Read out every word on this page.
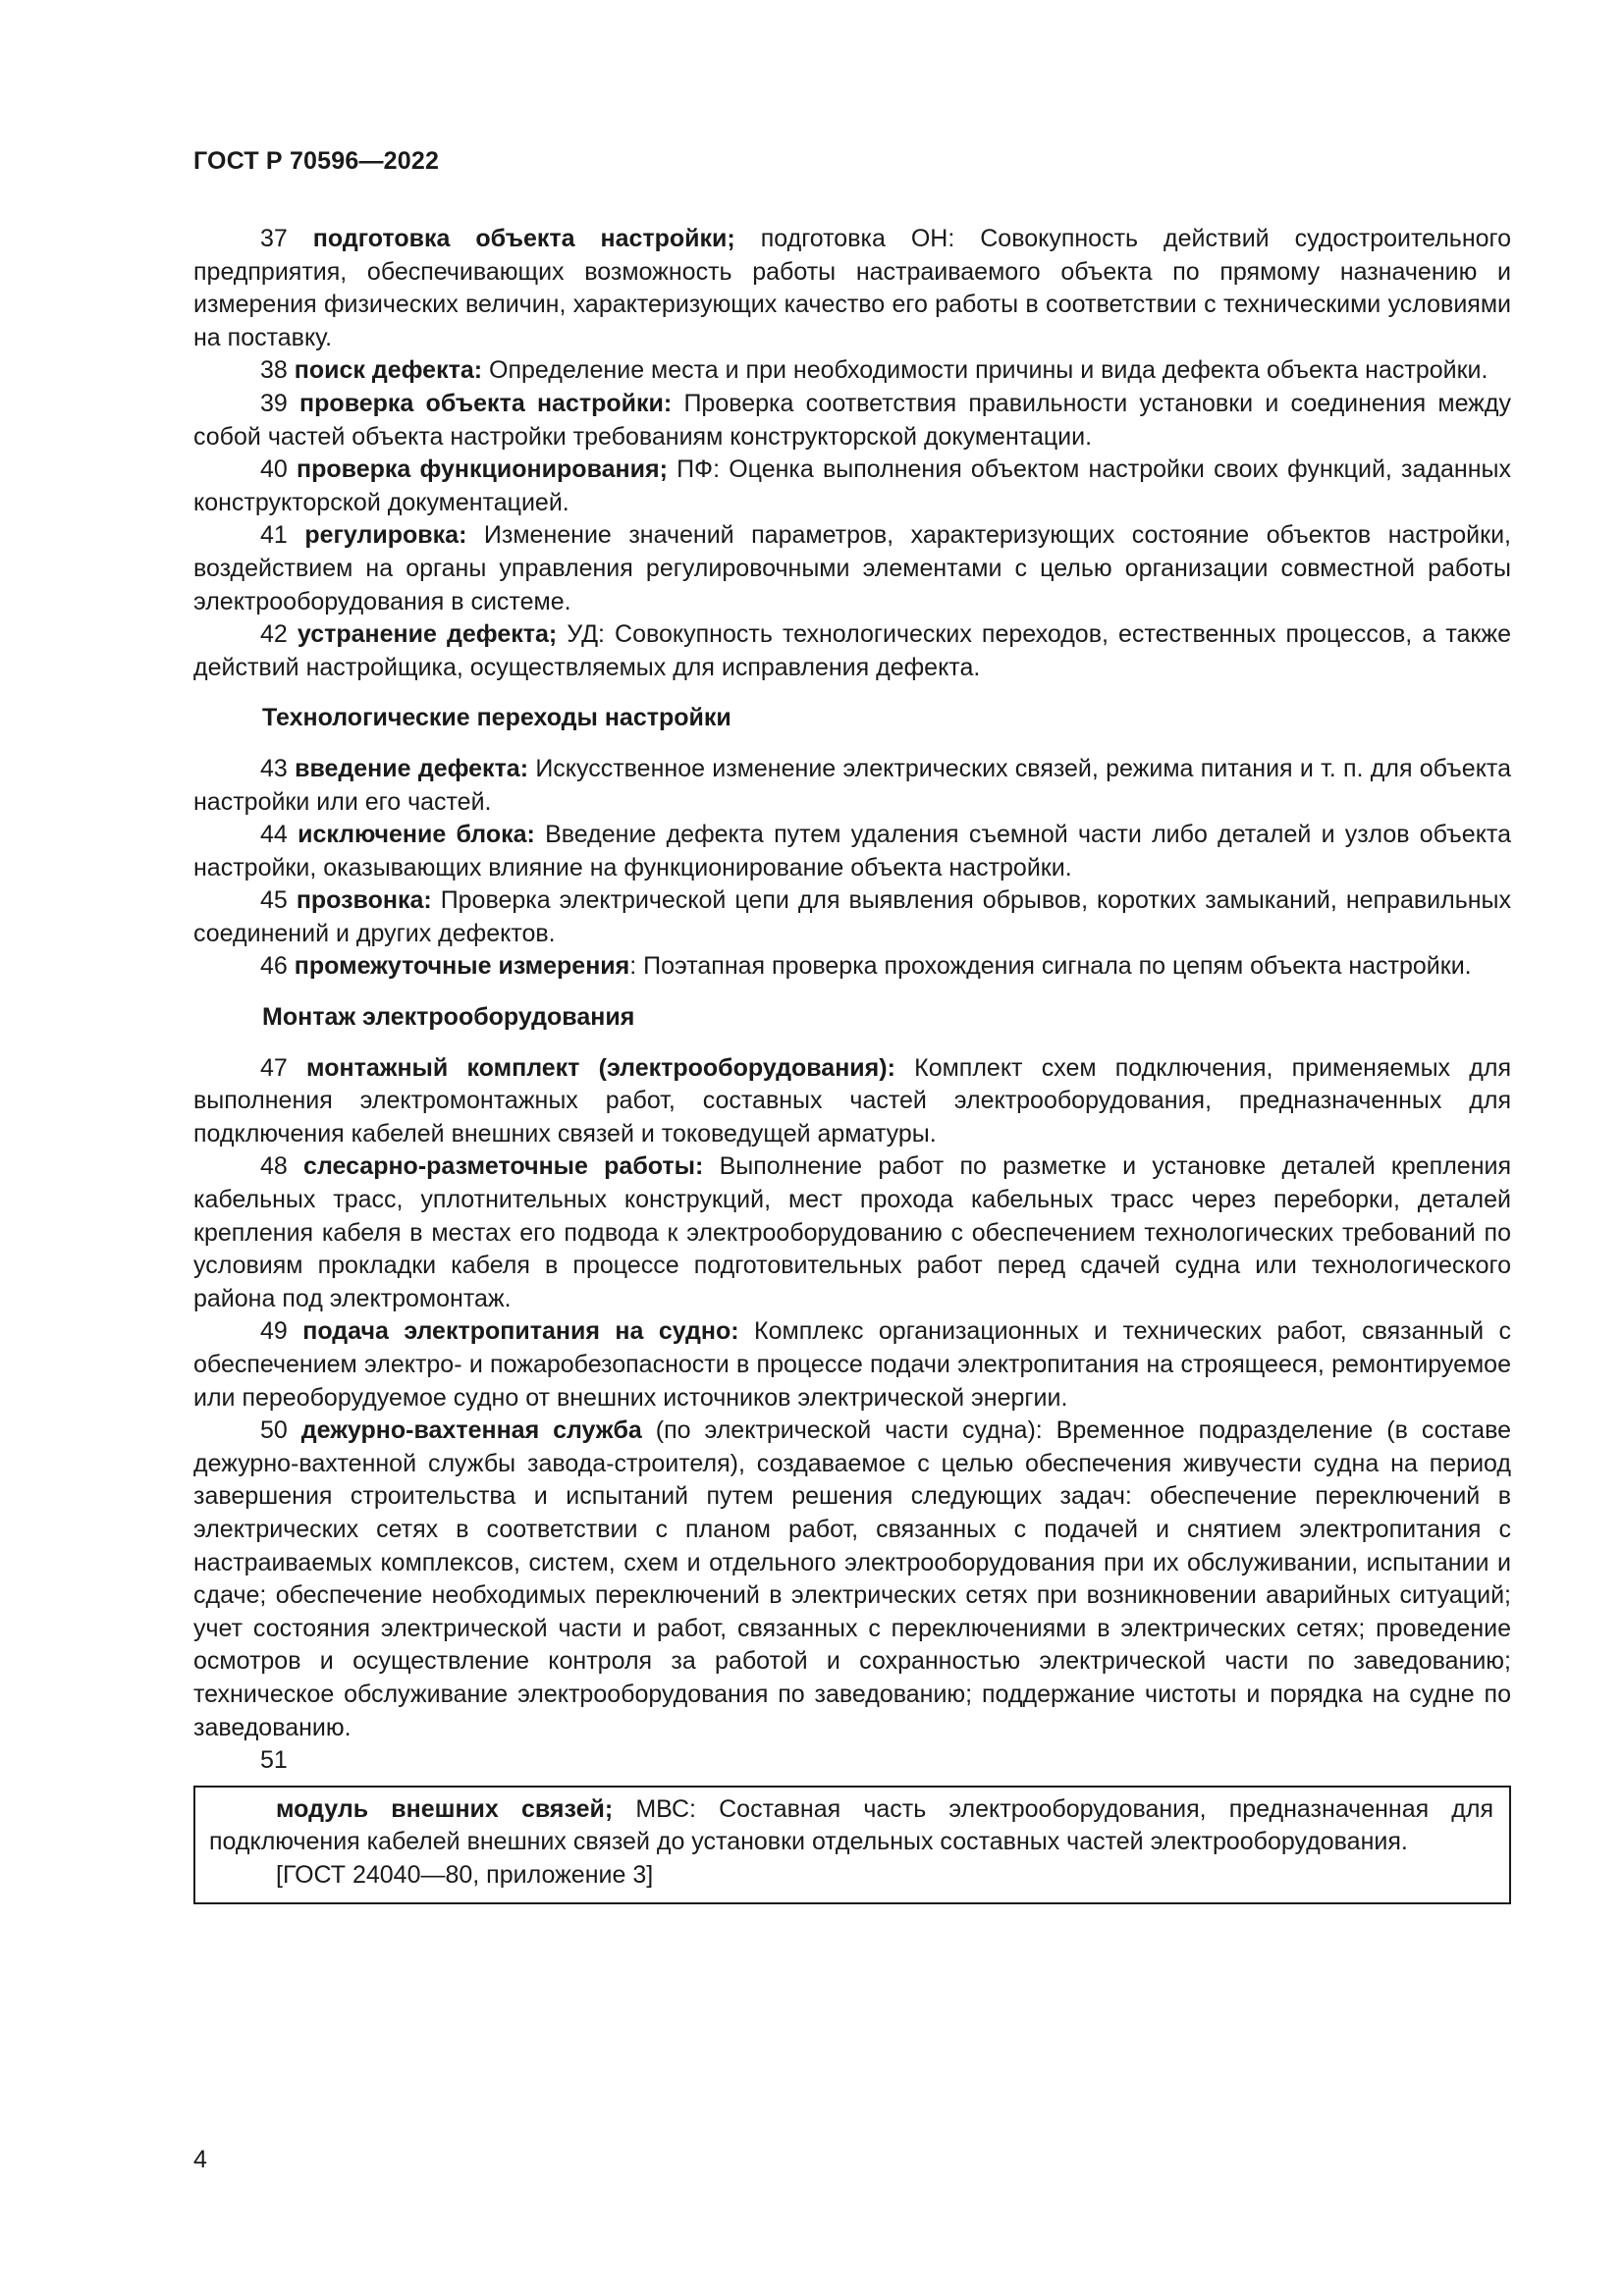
ГОСТ Р 70596—2022

37 подготовка объекта настройки; подготовка ОН: Совокупность действий судостроительного предприятия, обеспечивающих возможность работы настраиваемого объекта по прямому назначению и измерения физических величин, характеризующих качество его работы в соответствии с техническими условиями на поставку.

38 поиск дефекта: Определение места и при необходимости причины и вида дефекта объекта настройки.

39 проверка объекта настройки: Проверка соответствия правильности установки и соединения между собой частей объекта настройки требованиям конструкторской документации.

40 проверка функционирования; ПФ: Оценка выполнения объектом настройки своих функций, заданных конструкторской документацией.

41 регулировка: Изменение значений параметров, характеризующих состояние объектов настройки, воздействием на органы управления регулировочными элементами с целью организации совместной работы электрооборудования в системе.

42 устранение дефекта; УД: Совокупность технологических переходов, естественных процессов, а также действий настройщика, осуществляемых для исправления дефекта.

Технологические переходы настройки

43 введение дефекта: Искусственное изменение электрических связей, режима питания и т. п. для объекта настройки или его частей.

44 исключение блока: Введение дефекта путем удаления съемной части либо деталей и узлов объекта настройки, оказывающих влияние на функционирование объекта настройки.

45 прозвонка: Проверка электрической цепи для выявления обрывов, коротких замыканий, неправильных соединений и других дефектов.

46 промежуточные измерения: Поэтапная проверка прохождения сигнала по цепям объекта настройки.

Монтаж электрооборудования

47 монтажный комплект (электрооборудования): Комплект схем подключения, применяемых для выполнения электромонтажных работ, составных частей электрооборудования, предназначенных для подключения кабелей внешних связей и токоведущей арматуры.

48 слесарно-разметочные работы: Выполнение работ по разметке и установке деталей крепления кабельных трасс, уплотнительных конструкций, мест прохода кабельных трасс через переборки, деталей крепления кабеля в местах его подвода к электрооборудованию с обеспечением технологических требований по условиям прокладки кабеля в процессе подготовительных работ перед сдачей судна или технологического района под электромонтаж.

49 подача электропитания на судно: Комплекс организационных и технических работ, связанный с обеспечением электро- и пожаробезопасности в процессе подачи электропитания на строящееся, ремонтируемое или переоборудуемое судно от внешних источников электрической энергии.

50 дежурно-вахтенная служба (по электрической части судна): Временное подразделение (в составе дежурно-вахтенной службы завода-строителя), создаваемое с целью обеспечения живучести судна на период завершения строительства и испытаний путем решения следующих задач: обеспечение переключений в электрических сетях в соответствии с планом работ, связанных с подачей и снятием электропитания с настраиваемых комплексов, систем, схем и отдельного электрооборудования при их обслуживании, испытании и сдаче; обеспечение необходимых переключений в электрических сетях при возникновении аварийных ситуаций; учет состояния электрической части и работ, связанных с переключениями в электрических сетях; проведение осмотров и осуществление контроля за работой и сохранностью электрической части по заведованию; техническое обслуживание электрооборудования по заведованию; поддержание чистоты и порядка на судне по заведованию.

51

модуль внешних связей; МВС: Составная часть электрооборудования, предназначенная для подключения кабелей внешних связей до установки отдельных составных частей электрооборудования.

[ГОСТ 24040—80, приложение 3]

4
